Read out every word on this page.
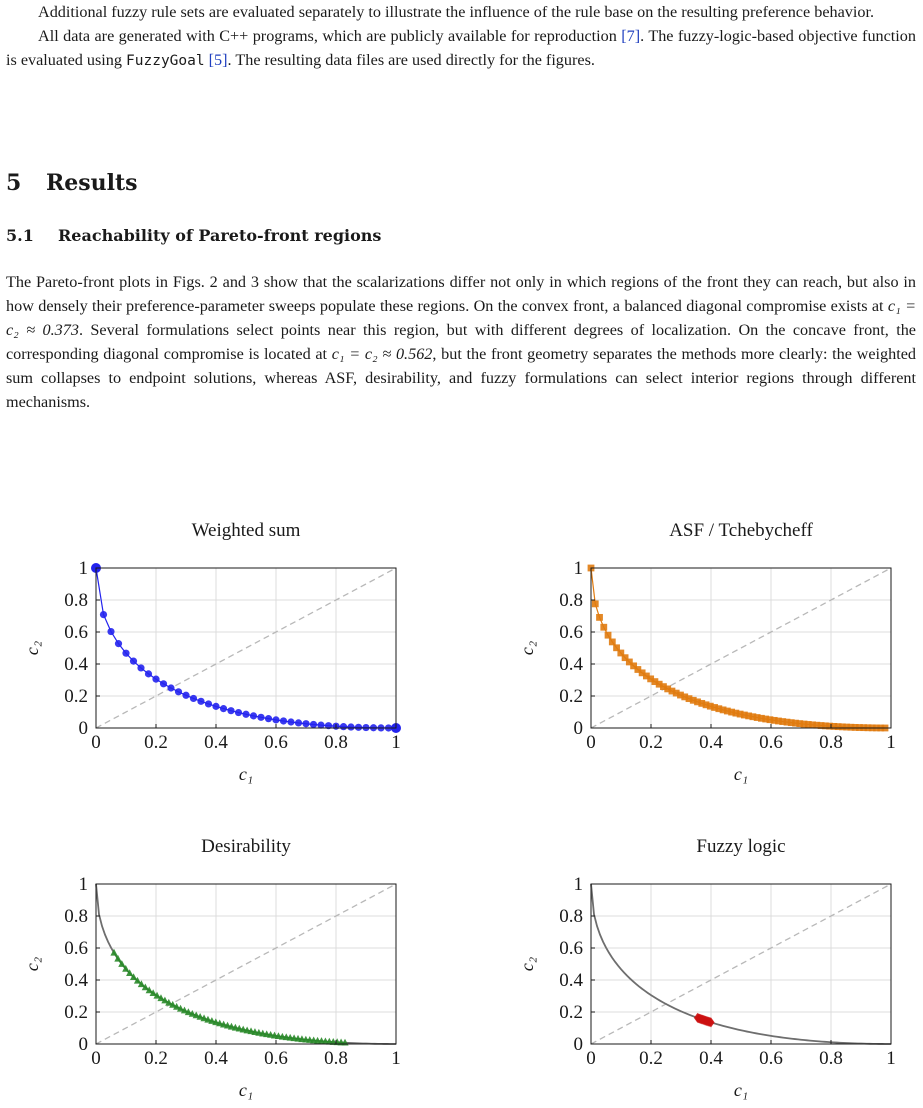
Additional fuzzy rule sets are evaluated separately to illustrate the influence of the rule base on the resulting preference behavior.

All data are generated with C++ programs, which are publicly available for reproduction [7]. The fuzzy-logic-based objective function is evaluated using FuzzyGoal [5]. The resulting data files are used directly for the figures.

5 Results
5.1 Reachability of Pareto-front regions

The Pareto-front plots in Figs. 2 and 3 show that the scalarizations differ not only in which regions of the front they can reach, but also in how densely their preference-parameter sweeps populate these regions. On the convex front, a balanced diagonal compromise exists at c₁ = c₂ ≈ 0.373. Several formulations select points near this region, but with different degrees of localization. On the concave front, the corresponding diagonal compromise is located at c₁ = c₂ ≈ 0.562, but the front geometry separates the methods more clearly: the weighted sum collapses to endpoint solutions, whereas ASF, desirability, and fuzzy formulations can select interior regions through different mechanisms.

Weighted sum
0 0.2 0.4 0.6 0.8 1
0
0.2
0.4
0.6
0.8
1
c₁
c₂
ASF / Tchebycheff
0 0.2 0.4 0.6 0.8 1
0
0.2
0.4
0.6
0.8
1
c₁
c₂
Desirability
0 0.2 0.4 0.6 0.8 1
0
0.2
0.4
0.6
0.8
1
c₁
c₂
Fuzzy logic
0 0.2 0.4 0.6 0.8 1
0
0.2
0.4
0.6
0.8
1
c₁
c₂
